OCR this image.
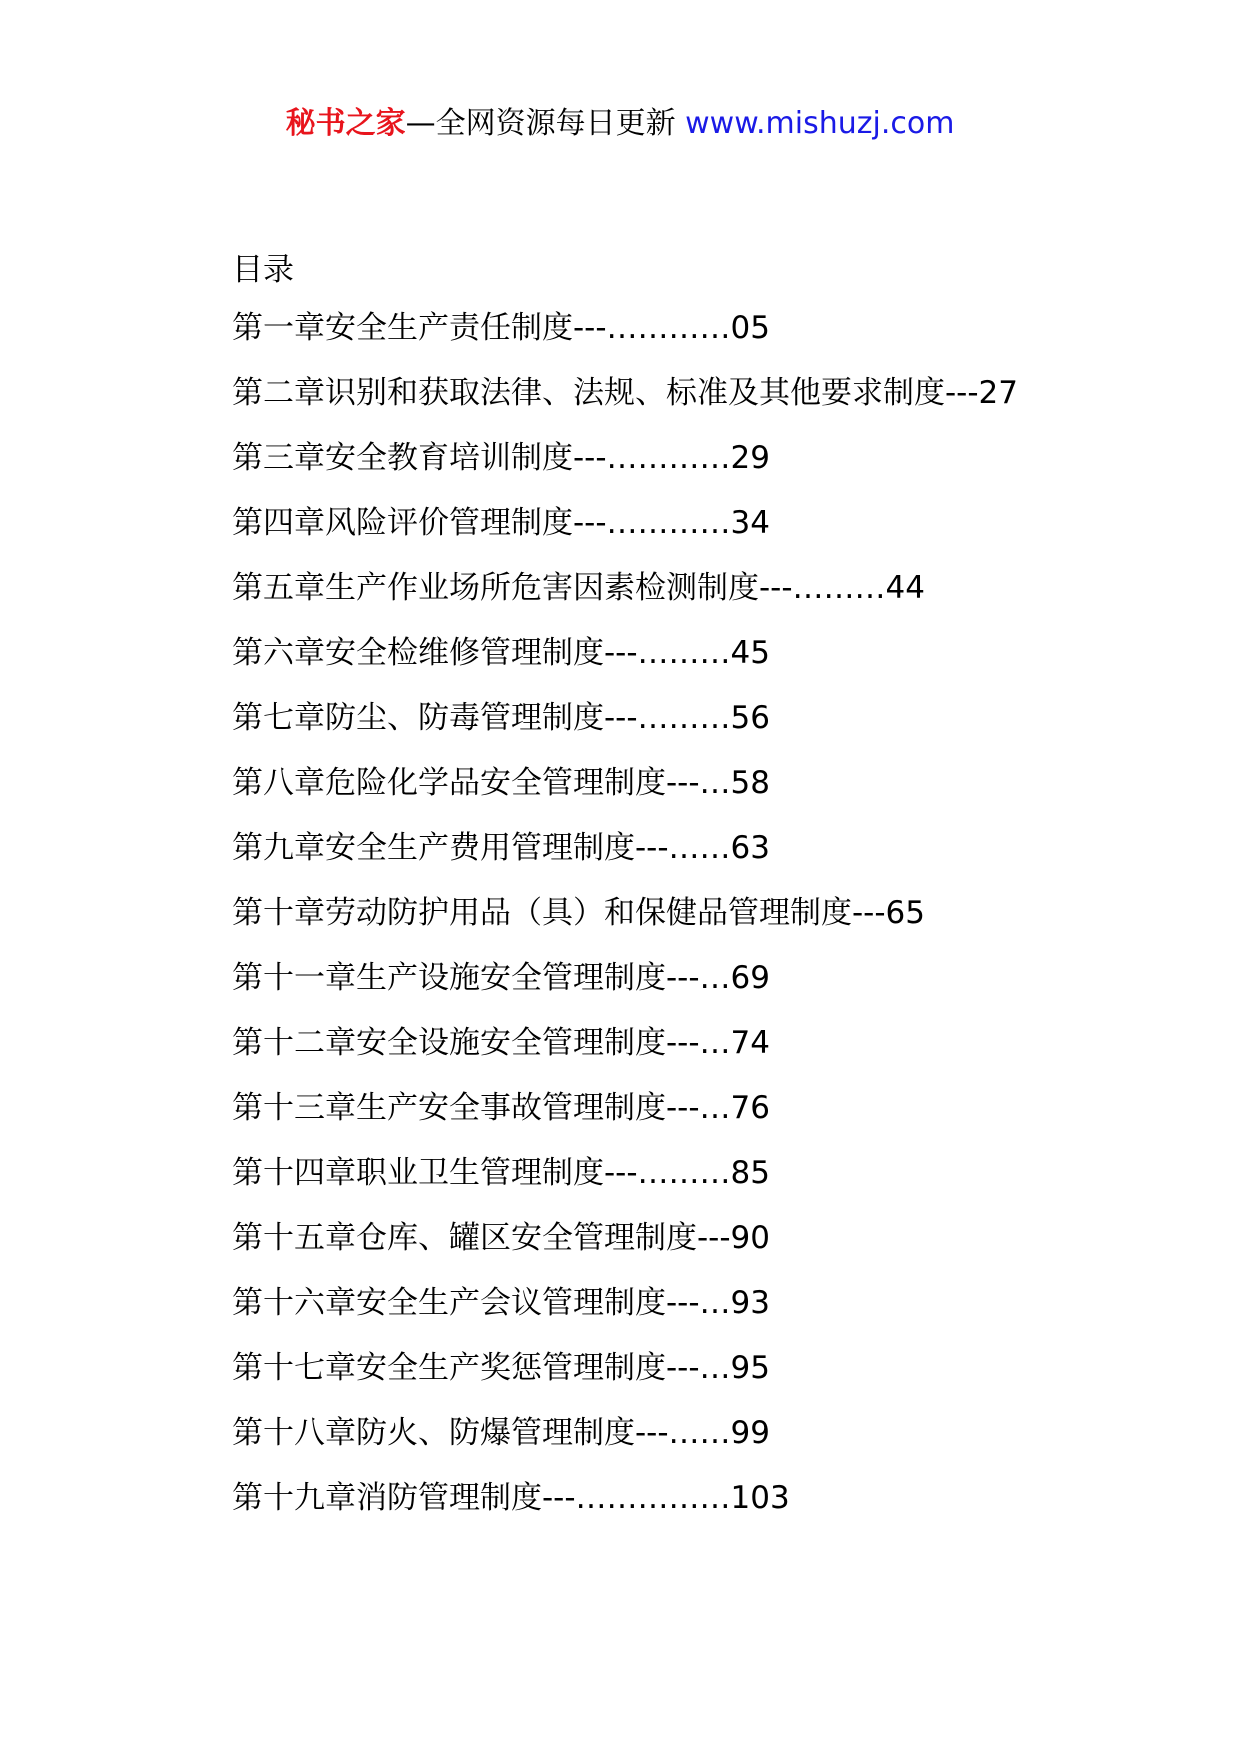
秘书之家—全网资源每日更新 www.mishuzj.com
目录
第一章安全生产责任制度---…………05
第二章识别和获取法律、法规、标准及其他要求制度---27
第三章安全教育培训制度---…………29
第四章风险评价管理制度---…………34
第五章生产作业场所危害因素检测制度---………44
第六章安全检维修管理制度---………45
第七章防尘、防毒管理制度---………56
第八章危险化学品安全管理制度---…58
第九章安全生产费用管理制度---……63
第十章劳动防护用品（具）和保健品管理制度---65
第十一章生产设施安全管理制度---…69
第十二章安全设施安全管理制度---…74
第十三章生产安全事故管理制度---…76
第十四章职业卫生管理制度---………85
第十五章仓库、罐区安全管理制度---90
第十六章安全生产会议管理制度---…93
第十七章安全生产奖惩管理制度---…95
第十八章防火、防爆管理制度---……99
第十九章消防管理制度---……………103
